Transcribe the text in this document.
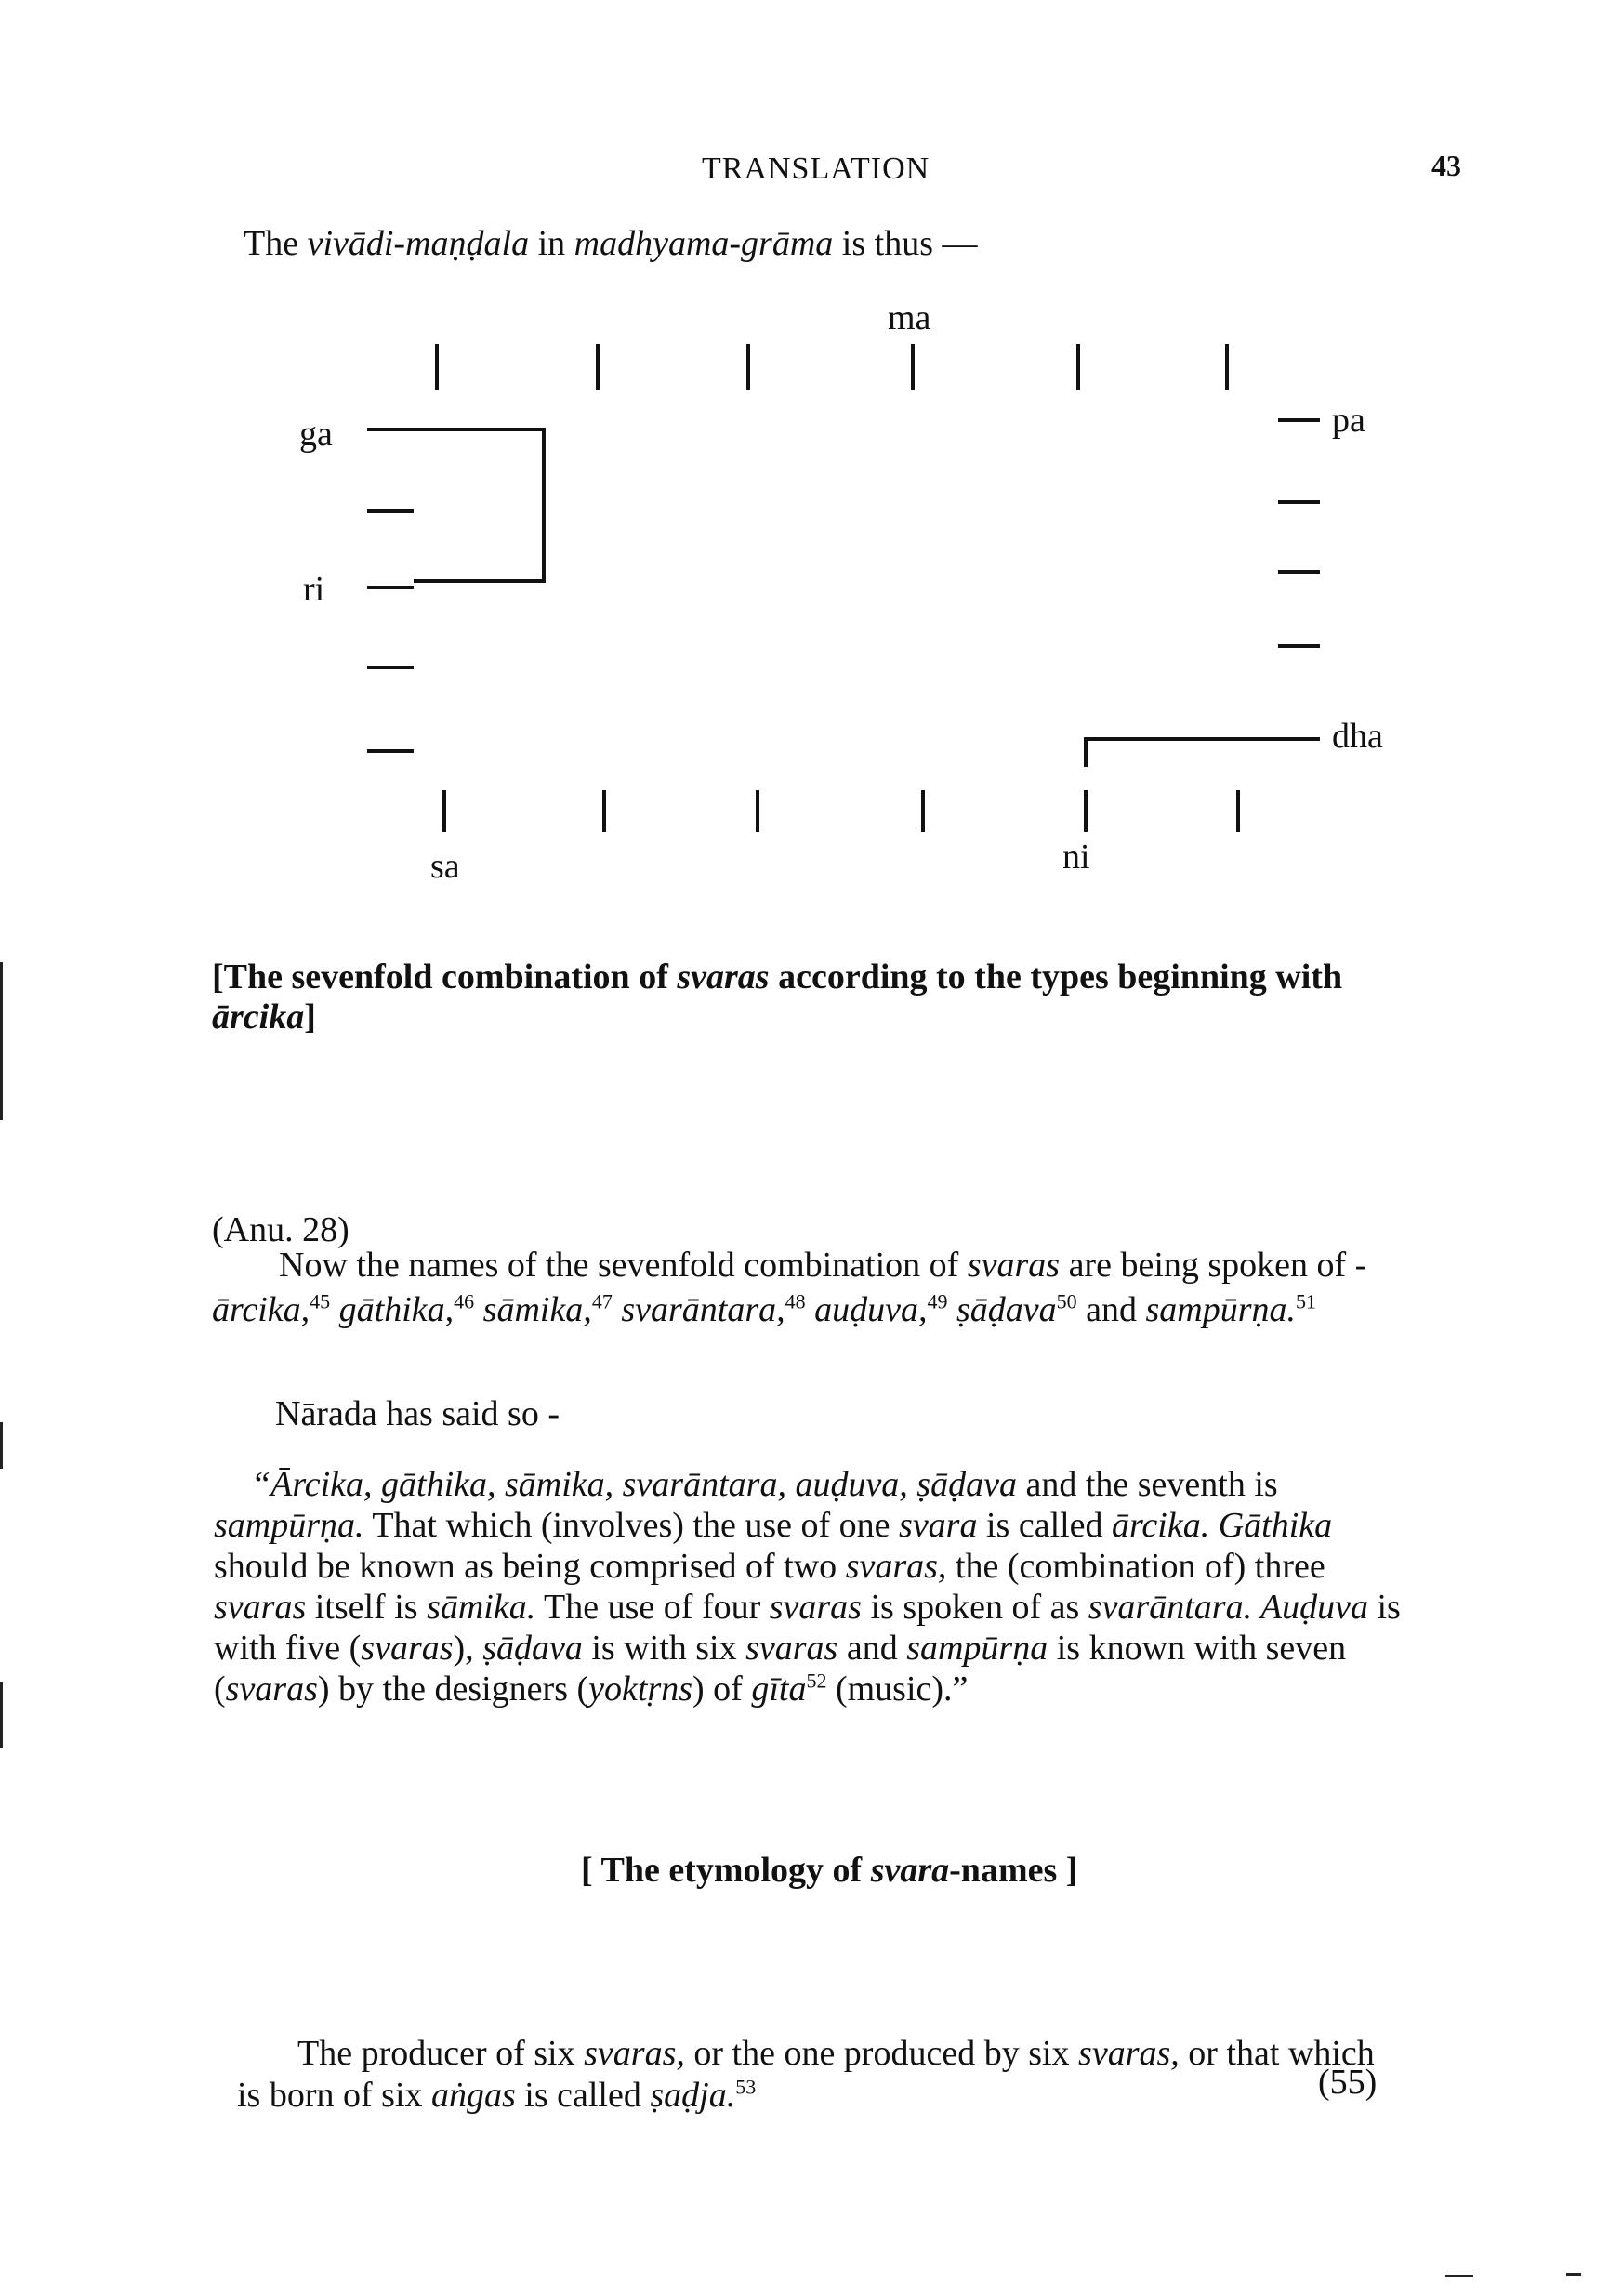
TRANSLATION	43
The vivādi-maṇḍala in madhyama-grāma is thus —
ma
ga
ri
pa
dha
sa	ni
[The sevenfold combination of svaras according to the types beginning with
ārcika]
(Anu. 28)
Now the names of the sevenfold combination of svaras are being spoken of -
ārcika,$^{45}$ gāthika,$^{46}$ sāmika,$^{47}$ svarāntara,$^{48}$ auḍuva,$^{49}$ ṣāḍava$^{50}$ and sampūrṇa.$^{51}$
Nārada has said so -
“Ārcika, gāthika, sāmika, svarāntara, auḍuva, ṣāḍava and the seventh is
sampūrṇa. That which (involves) the use of one svara is called ārcika. Gāthika
should be known as being comprised of two svaras, the (combination of) three
svaras itself is sāmika. The use of four svaras is spoken of as svarāntara. Auḍuva is
with five (svaras), ṣāḍava is with six svaras and sampūrṇa is known with seven
(svaras) by the designers (yoktṛns) of gīta$^{52}$ (music).”
[ The etymology of svara-names ]
The producer of six svaras, or the one produced by six svaras, or that which
is born of six aṅgas is called ṣaḍja.$^{53}$	(55)
